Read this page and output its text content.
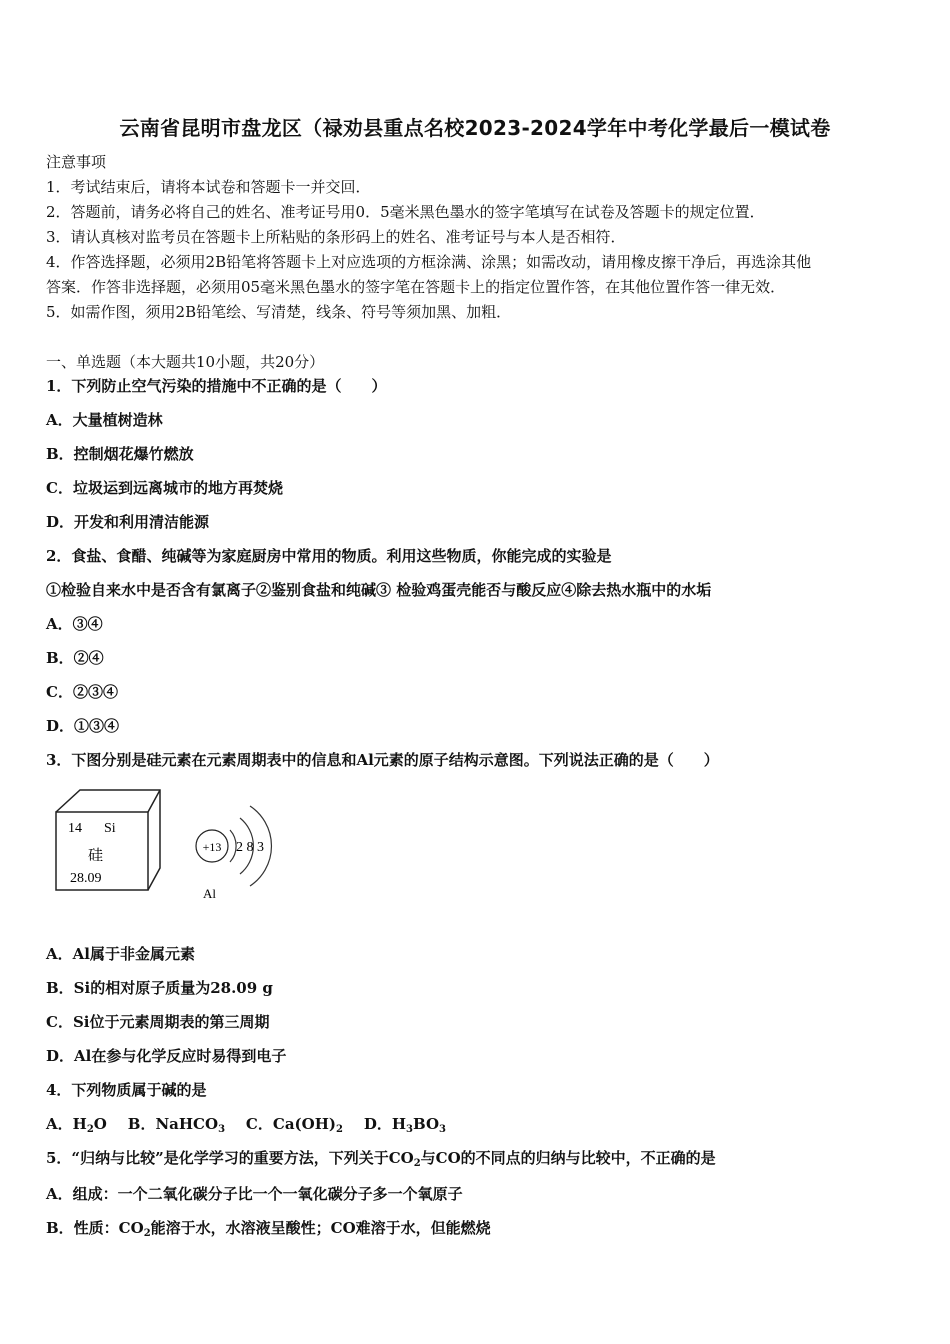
云南省昆明市盘龙区（禄劝县重点名校2023-2024学年中考化学最后一模试卷
注意事项
1．考试结束后，请将本试卷和答题卡一并交回．
2．答题前，请务必将自己的姓名、准考证号用0．5毫米黑色墨水的签字笔填写在试卷及答题卡的规定位置．
3．请认真核对监考员在答题卡上所粘贴的条形码上的姓名、准考证号与本人是否相符．
4．作答选择题，必须用2B铅笔将答题卡上对应选项的方框涂满、涂黑；如需改动，请用橡皮擦干净后，再选涂其他
答案．作答非选择题，必须用05毫米黑色墨水的签字笔在答题卡上的指定位置作答，在其他位置作答一律无效．
5．如需作图，须用2B铅笔绘、写清楚，线条、符号等须加黑、加粗．
一、单选题（本大题共10小题，共20分）
1．下列防止空气污染的措施中不正确的是（　　）
A．大量植树造林
B．控制烟花爆竹燃放
C．垃圾运到远离城市的地方再焚烧
D．开发和利用清洁能源
2．食盐、食醋、纯碱等为家庭厨房中常用的物质。利用这些物质，你能完成的实验是
①检验自来水中是否含有氯离子②鉴别食盐和纯碱③ 检验鸡蛋壳能否与酸反应④除去热水瓶中的水垢
A．③④
B．②④
C．②③④
D．①③④
3．下图分别是硅元素在元素周期表中的信息和Al元素的原子结构示意图。下列说法正确的是（　　）
14 Si
硅
28.09
+13 2 8 3
Al
A．Al属于非金属元素
B．Si的相对原子质量为28.09 g
C．Si位于元素周期表的第三周期
D．Al在参与化学反应时易得到电子
4．下列物质属于碱的是
A．$H_2O$ B．NaHCO$_3$ C．$Ca(OH)_2$ D．$H_3BO_3$
5．“归纳与比较”是化学学习的重要方法，下列关于$CO_2$与CO的不同点的归纳与比较中，不正确的是
A．组成：一个二氧化碳分子比一个一氧化碳分子多一个氧原子
B．性质：$CO_2$能溶于水，水溶液呈酸性；CO难溶于水，但能燃烧
